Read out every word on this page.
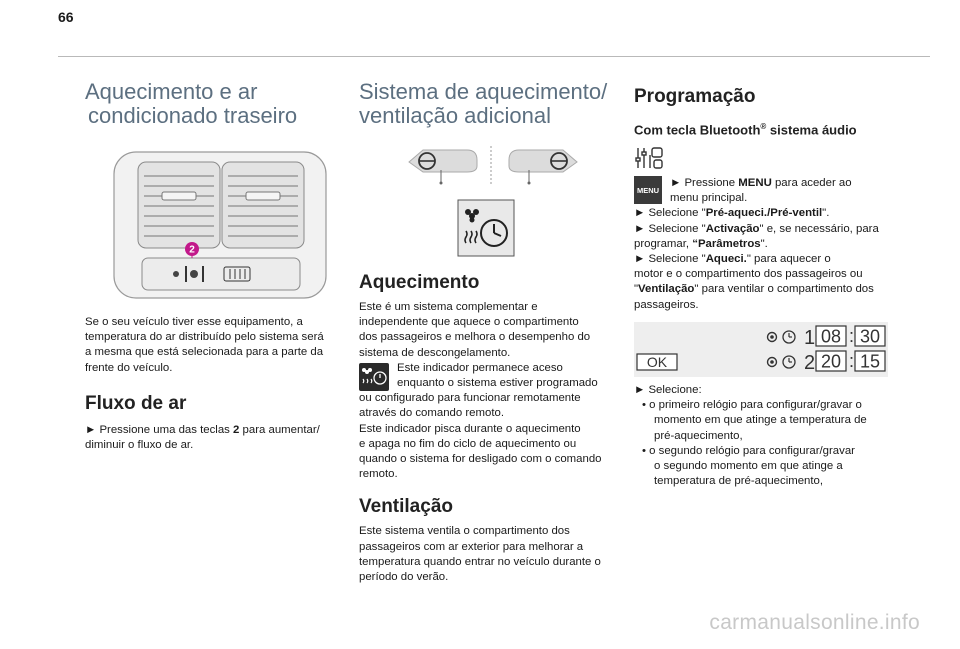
66
Aquecimento e ar
condicionado traseiro
2

Se o seu veículo tiver esse equipamento, a
temperatura do ar distribuído pelo sistema será
a mesma que está selecionada para a parte da
frente do veículo.

Fluxo de ar

► Pressione uma das teclas 2 para aumentar/
diminuir o fluxo de ar.

Sistema de aquecimento/
ventilação adicional
Aquecimento

Este é um sistema complementar e
independente que aquece o compartimento
dos passageiros e melhora o desempenho do
sistema de descongelamento.

Este indicador permanece aceso
enquanto o sistema estiver programado

ou configurado para funcionar remotamente
através do comando remoto.
Este indicador pisca durante o aquecimento
e apaga no fim do ciclo de aquecimento ou
quando o sistema for desligado com o comando
remoto.

Ventilação

Este sistema ventila o compartimento dos
passageiros com ar exterior para melhorar a
temperatura quando entrar no veículo durante o
período do verão.

Programação
Com tecla Bluetooth® sistema áudio
MENU

► Pressione MENU para aceder ao
menu principal.

► Selecione "Pré-aqueci./Pré-ventil".

► Selecione "Activação" e, se necessário, para
programar, “Parâmetros".

► Selecione "Aqueci." para aquecer o
motor e o compartimento dos passageiros ou
"Ventilação" para ventilar o compartimento dos
passageiros.

1 08 : 30
OK	2 20 : 15

► Selecione:

• o primeiro relógio para configurar/gravar o
momento em que atinge a temperatura de
pré-aquecimento,

• o segundo relógio para configurar/gravar
o segundo momento em que atinge a
temperatura de pré-aquecimento,

carmanualsonline.info
